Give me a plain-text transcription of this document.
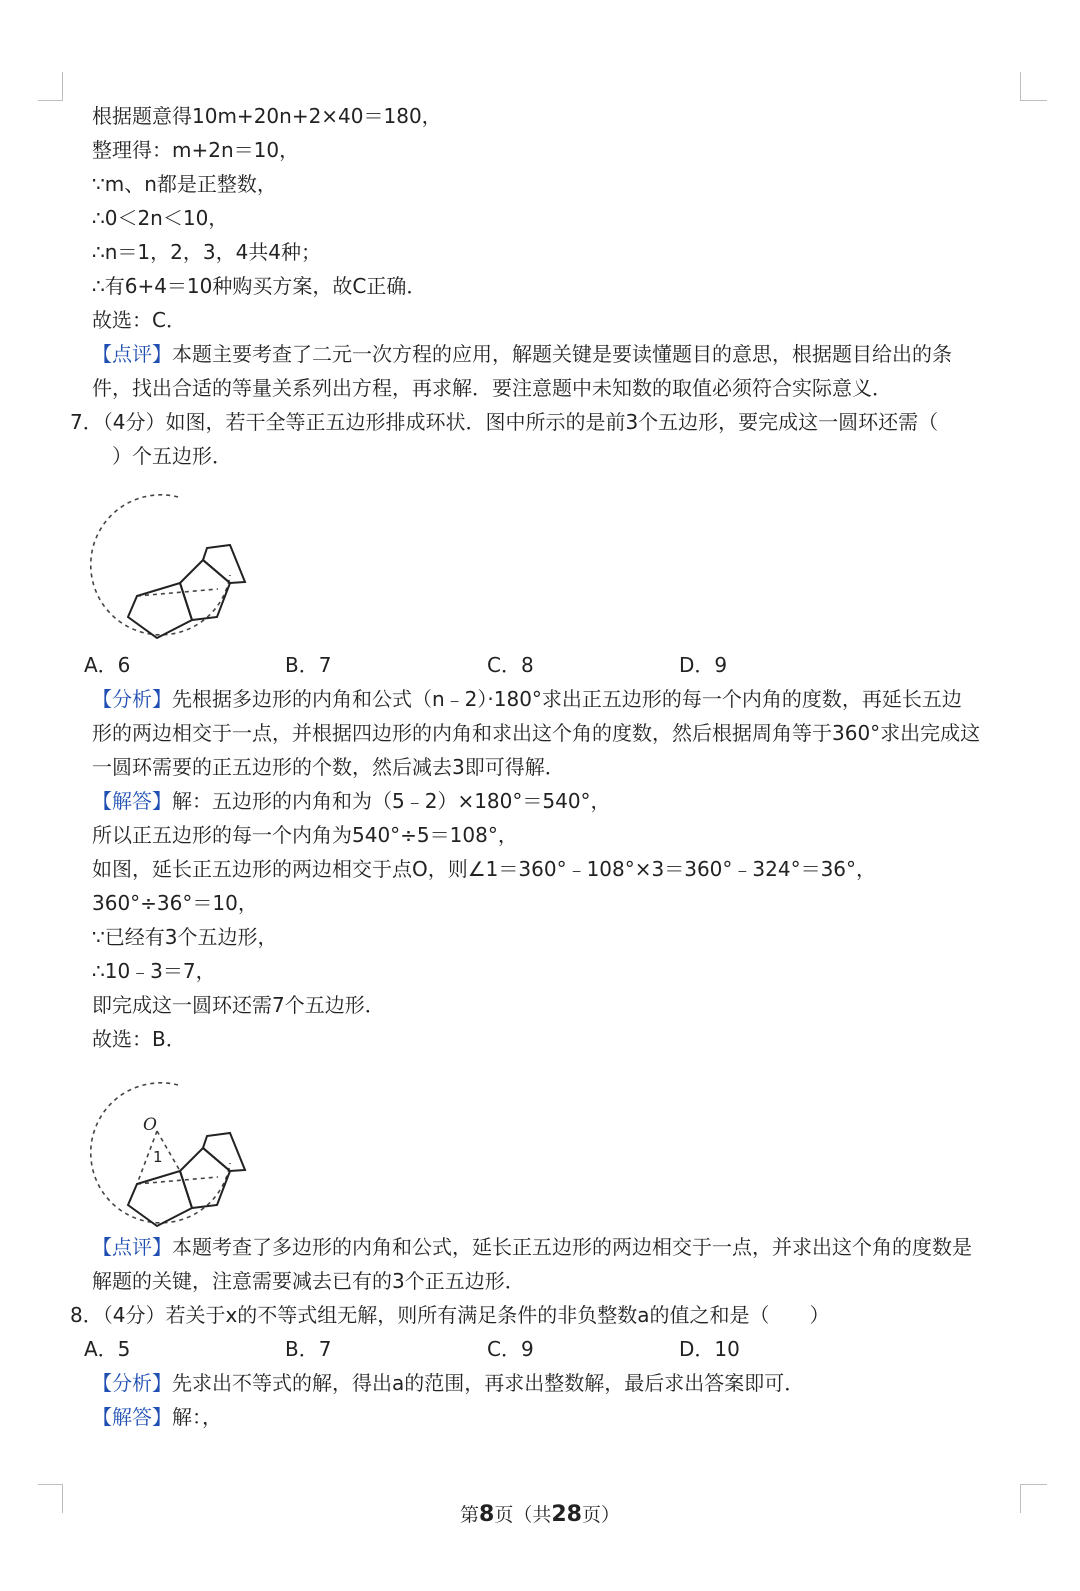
根据题意得10m+20n+2×40＝180，
整理得：m+2n＝10，
∵m、n都是正整数，
∴0＜2n＜10，
∴n＝1，2，3，4共4种；
∴有6+4＝10种购买方案，故C正确．
故选：C．
【点评】本题主要考查了二元一次方程的应用，解题关键是要读懂题目的意思，根据题目给出的条
件，找出合适的等量关系列出方程，再求解．要注意题中未知数的取值必须符合实际意义．
7．（4分）如图，若干全等正五边形排成环状．图中所示的是前3个五边形，要完成这一圆环还需（
）个五边形．
A．6	B．7	C．8	D．9
【分析】先根据多边形的内角和公式（n﹣2）·180°求出正五边形的每一个内角的度数，再延长五边
形的两边相交于一点，并根据四边形的内角和求出这个角的度数，然后根据周角等于360°求出完成这
一圆环需要的正五边形的个数，然后减去3即可得解．
【解答】解：五边形的内角和为（5﹣2）×180°＝540°，
所以正五边形的每一个内角为540°÷5＝108°，
如图，延长正五边形的两边相交于点O，则∠1＝360°﹣108°×3＝360°﹣324°＝36°，
360°÷36°＝10，
∵已经有3个五边形，
∴10﹣3＝7，
即完成这一圆环还需7个五边形．
故选：B．
O
1
【点评】本题考查了多边形的内角和公式，延长正五边形的两边相交于一点，并求出这个角的度数是
解题的关键，注意需要减去已有的3个正五边形．
8．（4分）若关于x的不等式组无解，则所有满足条件的非负整数a的值之和是（　　）
A．5	B．7	C．9	D．10
【分析】先求出不等式的解，得出a的范围，再求出整数解，最后求出答案即可．
【解答】解：，
第8页（共28页）
